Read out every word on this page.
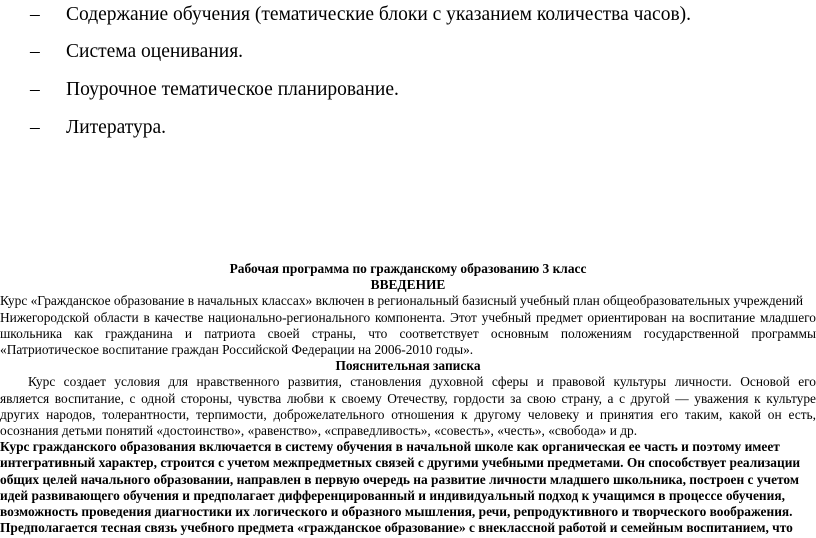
– Содержание обучения (тематические блоки с указанием количества часов).
– Система оценивания.
– Поурочное тематическое планирование.
– Литература.
Рабочая программа по гражданскому образованию 3 класс
ВВЕДЕНИЕ
Курс «Гражданское образование в начальных классах» включен в региональный базисный учебный план общеобразовательных учреждений
Нижегородской области в качестве национально-регионального компонента. Этот учебный предмет ориентирован на воспитание младшего
школьника как гражданина и патриота своей страны, что соответствует основным положениям государственной программы
«Патриотическое воспитание граждан Российской Федерации на 2006-2010 годы».
Пояснительная записка
Курс создает условия для нравственного развития, становления духовной сферы и правовой культуры личности. Основой его
является воспитание, с одной стороны, чувства любви к своему Отечеству, гордости за свою страну, а с другой — уважения к культуре
других народов, толерантности, терпимости, доброжелательного отношения к другому человеку и принятия его таким, какой он есть,
осознания детьми понятий «достоинство», «равенство», «справедливость», «совесть», «честь», «свобода» и др.
Курс гражданского образования включается в систему обучения в начальной школе как органическая ее часть и поэтому имеет
интегративный характер, строится с учетом межпредметных связей с другими учебными предметами. Он способствует реализации
общих целей начального образовании, направлен в первую очередь на развитие личности младшего школьника, построен с учетом
идей развивающего обучения и предполагает дифференцированный и индивидуальный подход к учащимся в процессе обучения,
возможность проведения диагностики их логического и образного мышления, речи, репродуктивного и творческого воображения.
Предполагается тесная связь учебного предмета «гражданское образование» с внеклассной работой и семейным воспитанием, что
